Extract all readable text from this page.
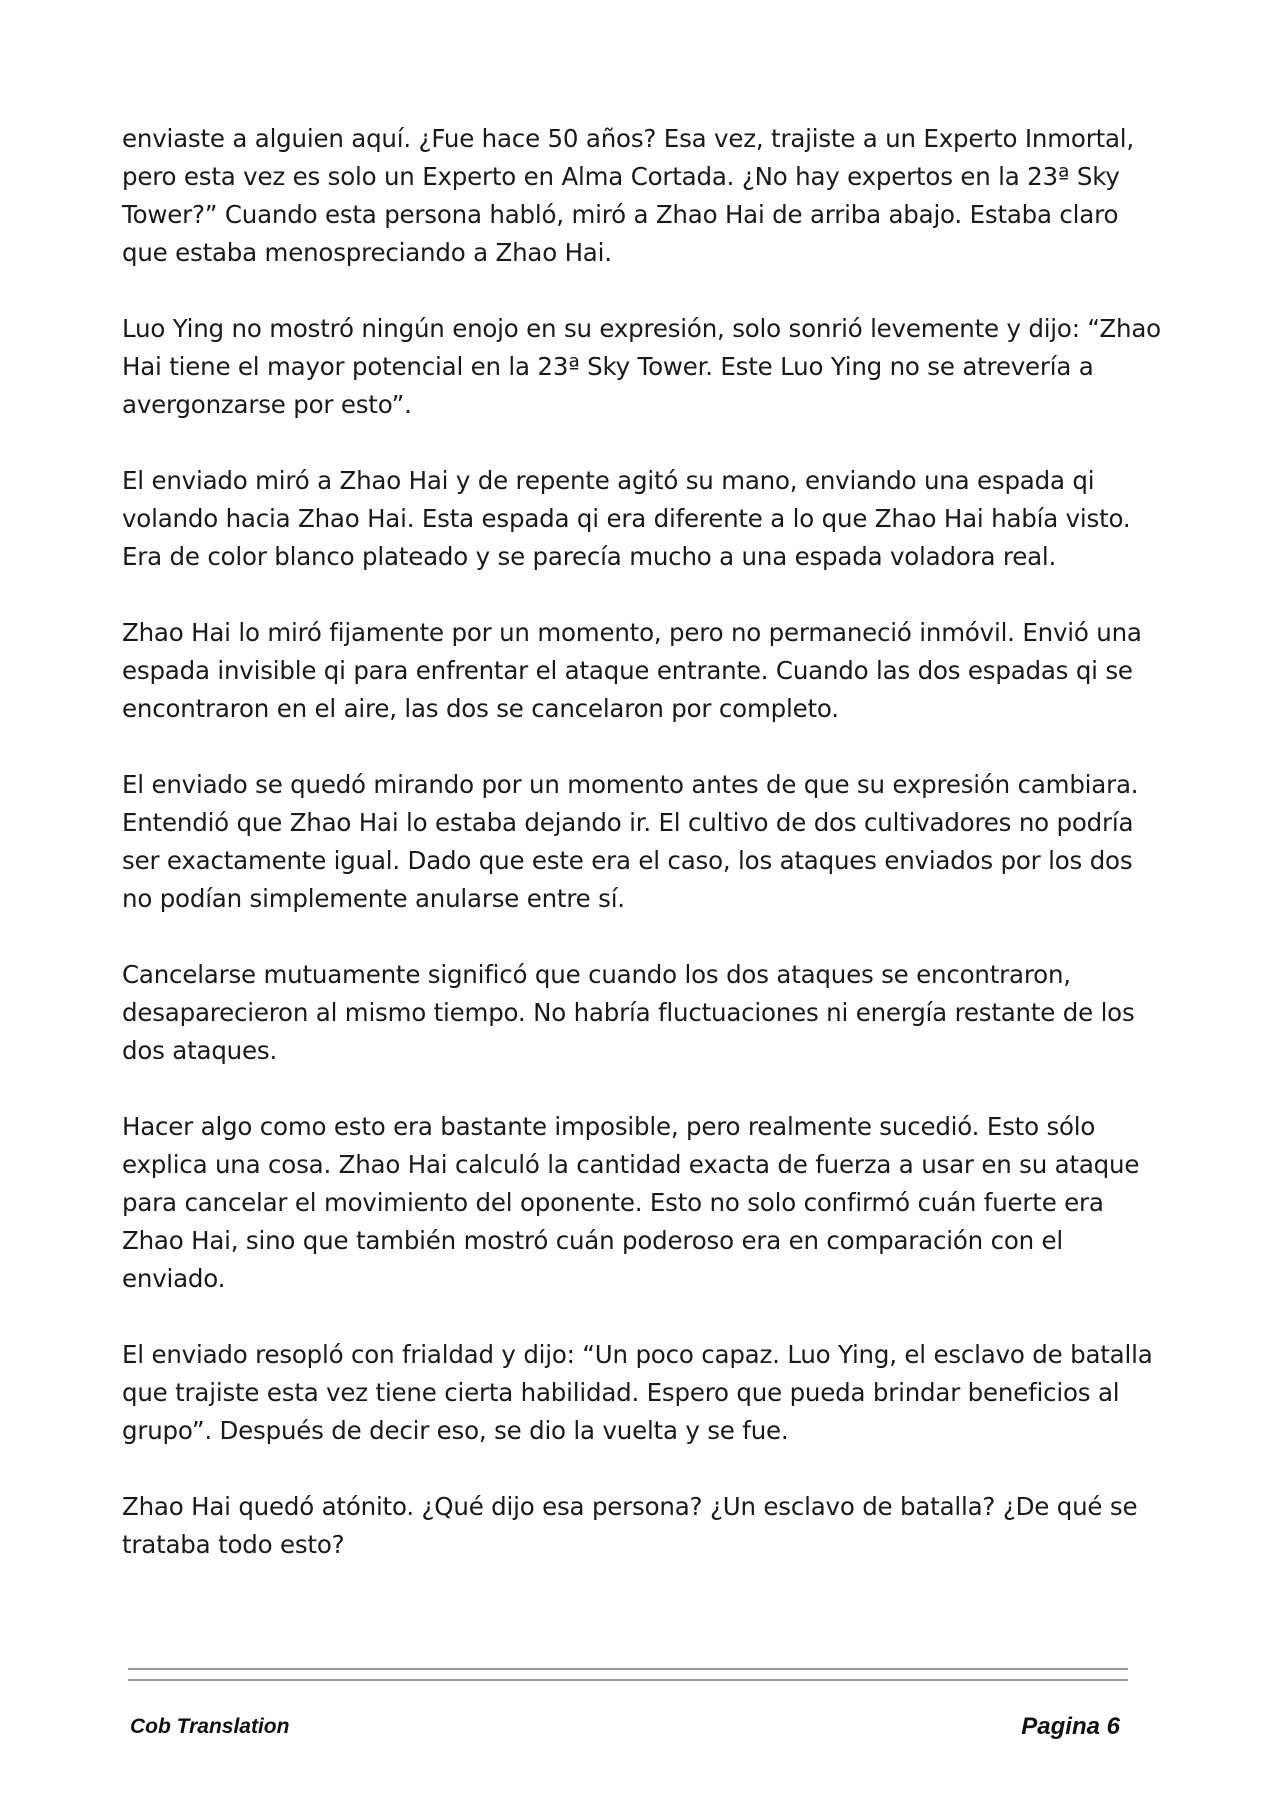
enviaste a alguien aquí. ¿Fue hace 50 años? Esa vez, trajiste a un Experto Inmortal, pero esta vez es solo un Experto en Alma Cortada. ¿No hay expertos en la 23ª Sky Tower?” Cuando esta persona habló, miró a Zhao Hai de arriba abajo. Estaba claro que estaba menospreciando a Zhao Hai.

Luo Ying no mostró ningún enojo en su expresión, solo sonrió levemente y dijo: “Zhao Hai tiene el mayor potencial en la 23ª Sky Tower. Este Luo Ying no se atrevería a avergonzarse por esto”.

El enviado miró a Zhao Hai y de repente agitó su mano, enviando una espada qi volando hacia Zhao Hai. Esta espada qi era diferente a lo que Zhao Hai había visto. Era de color blanco plateado y se parecía mucho a una espada voladora real.

Zhao Hai lo miró fijamente por un momento, pero no permaneció inmóvil. Envió una espada invisible qi para enfrentar el ataque entrante. Cuando las dos espadas qi se encontraron en el aire, las dos se cancelaron por completo.

El enviado se quedó mirando por un momento antes de que su expresión cambiara. Entendió que Zhao Hai lo estaba dejando ir. El cultivo de dos cultivadores no podría ser exactamente igual. Dado que este era el caso, los ataques enviados por los dos no podían simplemente anularse entre sí.

Cancelarse mutuamente significó que cuando los dos ataques se encontraron, desaparecieron al mismo tiempo. No habría fluctuaciones ni energía restante de los dos ataques.

Hacer algo como esto era bastante imposible, pero realmente sucedió. Esto sólo explica una cosa. Zhao Hai calculó la cantidad exacta de fuerza a usar en su ataque para cancelar el movimiento del oponente. Esto no solo confirmó cuán fuerte era Zhao Hai, sino que también mostró cuán poderoso era en comparación con el enviado.

El enviado resopló con frialdad y dijo: “Un poco capaz. Luo Ying, el esclavo de batalla que trajiste esta vez tiene cierta habilidad. Espero que pueda brindar beneficios al grupo”. Después de decir eso, se dio la vuelta y se fue.

Zhao Hai quedó atónito. ¿Qué dijo esa persona? ¿Un esclavo de batalla? ¿De qué se trataba todo esto?

Cob Translation	Pagina 6
